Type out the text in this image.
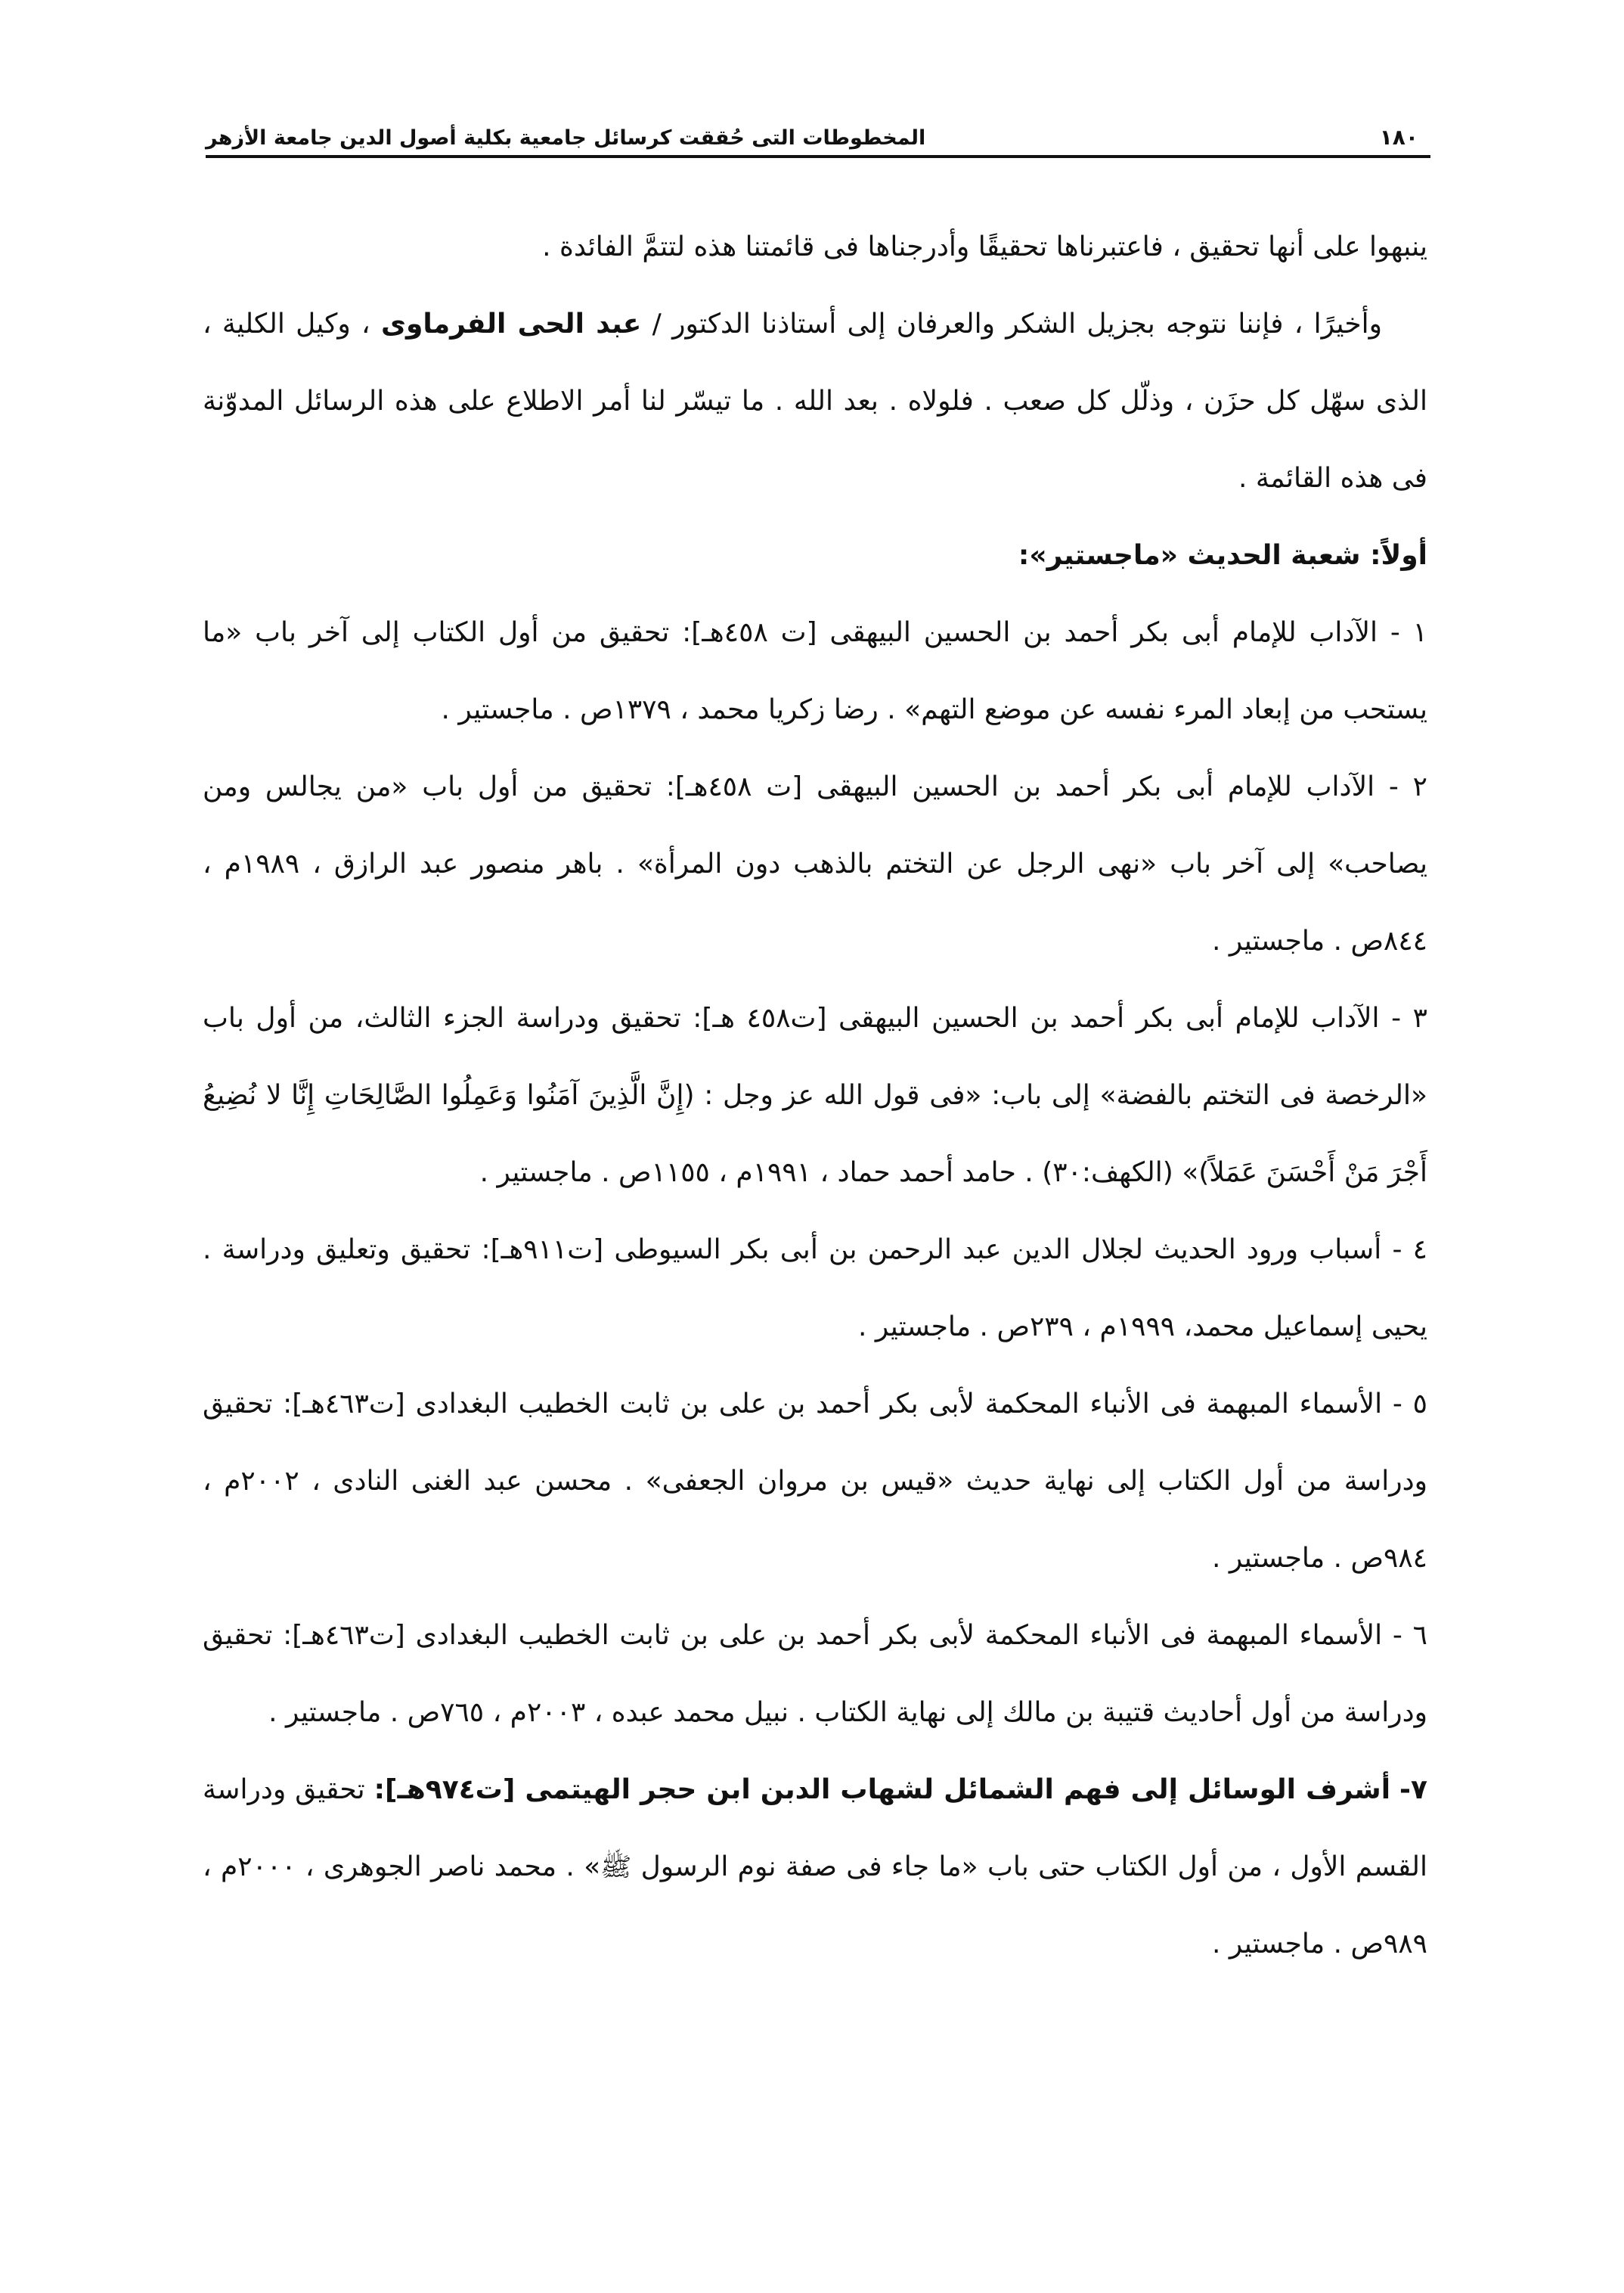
١٨٠
المخطوطات التى حُققت كرسائل جامعية بكلية أصول الدين جامعة الأزهر

ينبهوا على أنها تحقيق ، فاعتبرناها تحقيقًا وأدرجناها فى قائمتنا هذه لتتمَّ الفائدة .

وأخيرًا ، فإننا نتوجه بجزيل الشكر والعرفان إلى أستاذنا الدكتور / عبد الحى الفرماوى ، وكيل الكلية ، الذى سهّل كل حزَن ، وذلّل كل صعب . فلولاه . بعد الله . ما تيسّر لنا أمر الاطلاع على هذه الرسائل المدوّنة فى هذه القائمة .

أولاً: شعبة الحديث «ماجستير»:

١ - الآداب للإمام أبى بكر أحمد بن الحسين البيهقى [ت ٤٥٨هـ]: تحقيق من أول الكتاب إلى آخر باب «ما يستحب من إبعاد المرء نفسه عن موضع التهم» . رضا زكريا محمد ، ١٣٧٩ص . ماجستير .

٢ - الآداب للإمام أبى بكر أحمد بن الحسين البيهقى [ت ٤٥٨هـ]: تحقيق من أول باب «من يجالس ومن يصاحب» إلى آخر باب «نهى الرجل عن التختم بالذهب دون المرأة» . باهر منصور عبد الرازق ، ١٩٨٩م ، ٨٤٤ص . ماجستير .

٣ - الآداب للإمام أبى بكر أحمد بن الحسين البيهقى [ت٤٥٨ هـ]: تحقيق ودراسة الجزء الثالث، من أول باب «الرخصة فى التختم بالفضة» إلى باب: «فى قول الله عز وجل : (إِنَّ الَّذِينَ آمَنُوا وَعَمِلُوا الصَّالِحَاتِ إِنَّا لا نُضِيعُ أَجْرَ مَنْ أَحْسَنَ عَمَلاً)» (الكهف:٣٠) . حامد أحمد حماد ، ١٩٩١م ، ١١٥٥ص . ماجستير .

٤ - أسباب ورود الحديث لجلال الدين عبد الرحمن بن أبى بكر السيوطى [ت٩١١هـ]: تحقيق وتعليق ودراسة . يحيى إسماعيل محمد، ١٩٩٩م ، ٢٣٩ص . ماجستير .

٥ - الأسماء المبهمة فى الأنباء المحكمة لأبى بكر أحمد بن على بن ثابت الخطيب البغدادى [ت٤٦٣هـ]: تحقيق ودراسة من أول الكتاب إلى نهاية حديث «قيس بن مروان الجعفى» . محسن عبد الغنى النادى ، ٢٠٠٢م ، ٩٨٤ص . ماجستير .

٦ - الأسماء المبهمة فى الأنباء المحكمة لأبى بكر أحمد بن على بن ثابت الخطيب البغدادى [ت٤٦٣هـ]: تحقيق ودراسة من أول أحاديث قتيبة بن مالك إلى نهاية الكتاب . نبيل محمد عبده ، ٢٠٠٣م ، ٧٦٥ص . ماجستير .

٧- أشرف الوسائل إلى فهم الشمائل لشهاب الدبن ابن حجر الهيتمى [ت٩٧٤هـ]: تحقيق ودراسة القسم الأول ، من أول الكتاب حتى باب «ما جاء فى صفة نوم الرسول ﷺ» . محمد ناصر الجوهرى ، ٢٠٠٠م ، ٩٨٩ص . ماجستير .
